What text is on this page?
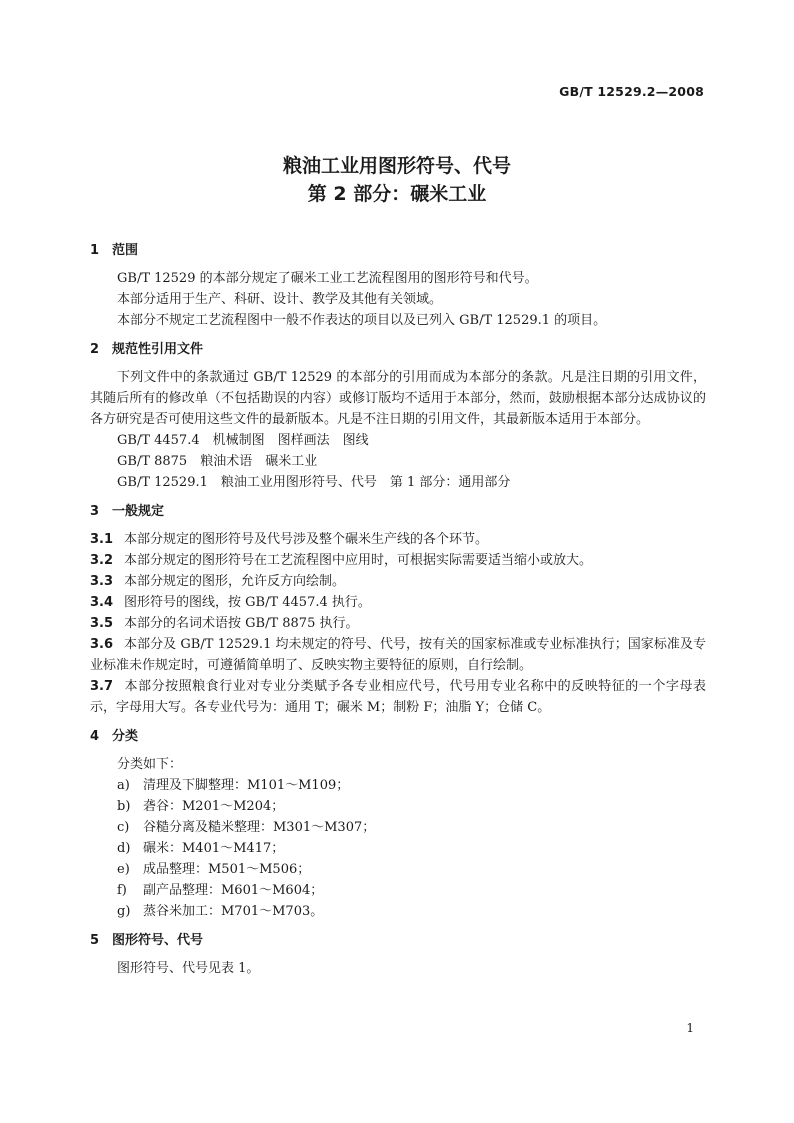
GB/T 12529.2—2008
粮油工业用图形符号、代号
第 2 部分：碾米工业
1 范围

GB/T 12529 的本部分规定了碾米工业工艺流程图用的图形符号和代号。

本部分适用于生产、科研、设计、教学及其他有关领域。

本部分不规定工艺流程图中一般不作表达的项目以及已列入 GB/T 12529.1 的项目。

2 规范性引用文件

下列文件中的条款通过 GB/T 12529 的本部分的引用而成为本部分的条款。凡是注日期的引用文件，其随后所有的修改单（不包括勘误的内容）或修订版均不适用于本部分，然而，鼓励根据本部分达成协议的各方研究是否可使用这些文件的最新版本。凡是不注日期的引用文件，其最新版本适用于本部分。

GB/T 4457.4　机械制图　图样画法　图线

GB/T 8875　粮油术语　碾米工业

GB/T 12529.1　粮油工业用图形符号、代号　第 1 部分：通用部分

3 一般规定

3.1 本部分规定的图形符号及代号涉及整个碾米生产线的各个环节。

3.2 本部分规定的图形符号在工艺流程图中应用时，可根据实际需要适当缩小或放大。

3.3 本部分规定的图形，允许反方向绘制。

3.4 图形符号的图线，按 GB/T 4457.4 执行。

3.5 本部分的名词术语按 GB/T 8875 执行。

3.6 本部分及 GB/T 12529.1 均未规定的符号、代号，按有关的国家标准或专业标准执行；国家标准及专业标准未作规定时，可遵循简单明了、反映实物主要特征的原则，自行绘制。

3.7 本部分按照粮食行业对专业分类赋予各专业相应代号，代号用专业名称中的反映特征的一个字母表示，字母用大写。各专业代号为：通用 T；碾米 M；制粉 F；油脂 Y；仓储 C。

4 分类

分类如下：

a) 清理及下脚整理：M101～M109；

b) 砻谷：M201～M204；

c) 谷糙分离及糙米整理：M301～M307；

d) 碾米：M401～M417；

e) 成品整理：M501～M506；

f) 副产品整理：M601～M604；

g) 蒸谷米加工：M701～M703。

5 图形符号、代号

图形符号、代号见表 1。

1
